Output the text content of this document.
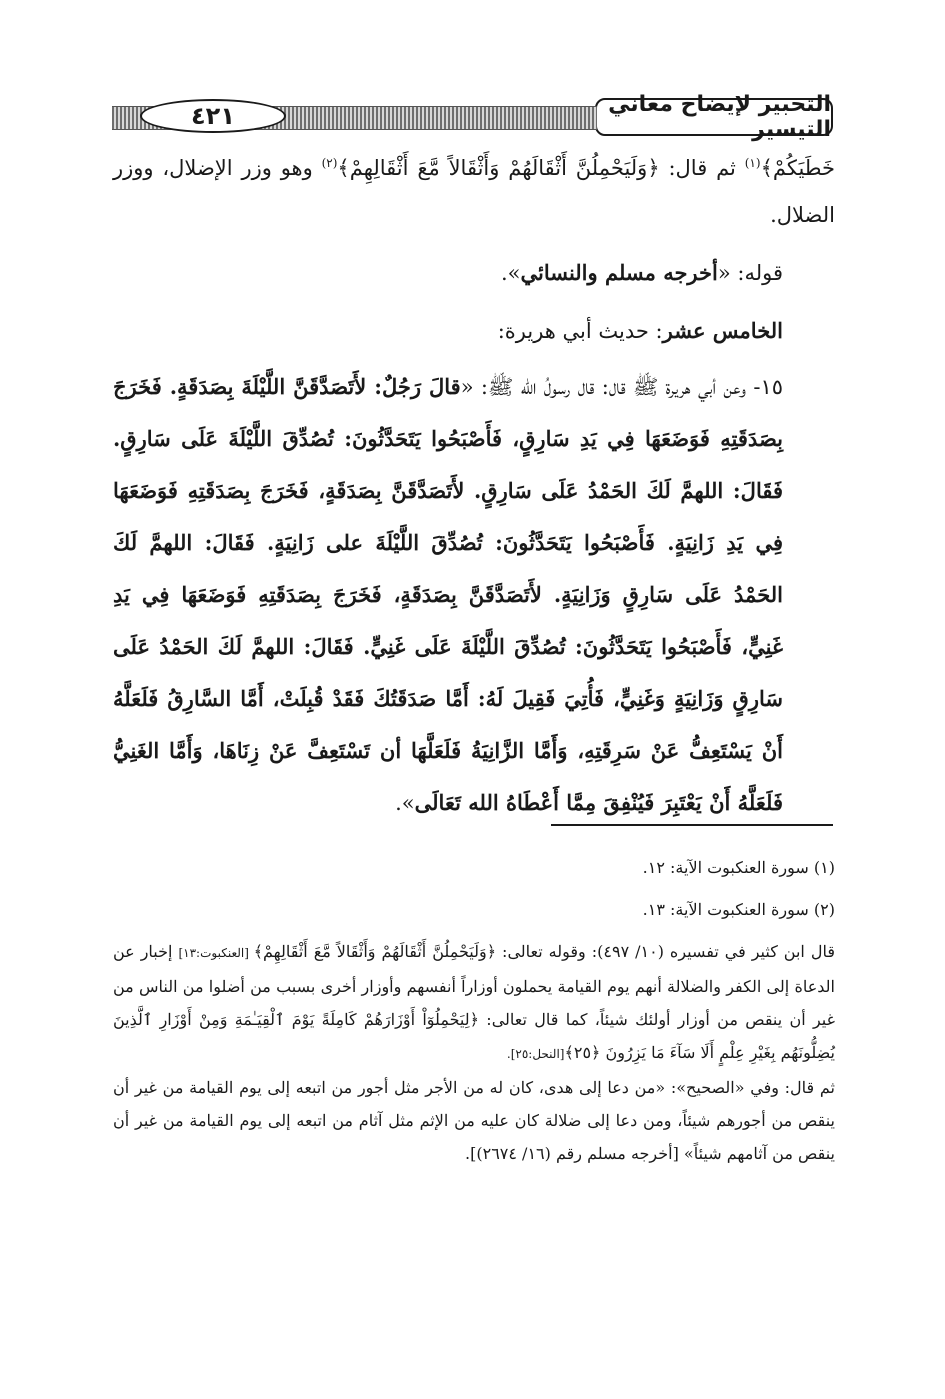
التحبير لإيضاح معاني التيسير
٤٢١

خَطَيَكُمْ﴾$^{(١)}$ ثم قال: ﴿وَلَيَحْمِلُنَّ أَثْقَالَهُمْ وَأَثْقَالاً مَّعَ أَثْقَالِهِمْ﴾$^{(٢)}$ وهو وزر الإضلال، ووزر الضلال.

قوله: «أخرجه مسلم والنسائي».

الخامس عشر: حديث أبي هريرة:

١٥- وعن أبي هريرة ﷺ قال: قال رسولُ الله ﷺ: «قالَ رَجُلٌ: لأَتَصَدَّقَنَّ اللَّيْلَةَ بِصَدَقَةٍ. فَخَرَجَ بِصَدَقَتِهِ فَوَضَعَهَا فِي يَدِ سَارِقٍ، فَأَصْبَحُوا يَتَحَدَّثُونَ: تُصُدِّقَ اللَّيْلَةَ عَلَى سَارِقٍ. فَقَالَ: اللهمَّ لَكَ الحَمْدُ عَلَى سَارِقٍ. لأَتَصَدَّقَنَّ بِصَدَقَةٍ، فَخَرَجَ بِصَدَقَتِهِ فَوَضَعَهَا فِي يَدِ زَانِيَةٍ. فَأَصْبَحُوا يَتَحَدَّثُونَ: تُصُدِّقَ اللَّيْلَةَ على زَانِيَةٍ. فَقَالَ: اللهمَّ لَكَ الحَمْدُ عَلَى سَارِقٍ وَزَانِيَةٍ. لأَتَصَدَّقَنَّ بِصَدَقَةٍ، فَخَرَجَ بِصَدَقَتِهِ فَوَضَعَهَا فِي يَدِ غَنِيٍّ، فَأَصْبَحُوا يَتَحَدَّثُونَ: تُصُدِّقَ اللَّيْلَةَ عَلَى غَنِيٍّ. فَقَالَ: اللهمَّ لَكَ الحَمْدُ عَلَى سَارِقٍ وَزَانِيَةٍ وَغَنِيٍّ، فَأُتِيَ فَقِيلَ لَهُ: أَمَّا صَدَقَتُكَ فَقَدْ قُبِلَتْ، أَمَّا السَّارِقُ فَلَعَلَّهُ أَنْ يَسْتَعِفُّ عَنْ سَرِقَتِهِ، وَأَمَّا الزَّانِيَةُ فَلَعَلَّهَا أن تَسْتَعِفَّ عَنْ زِنَاهَا، وَأَمَّا الغَنِيُّ فَلَعَلَّهُ أَنْ يَعْتَبِرَ فَيُنْفِقَ مِمَّا أَعْطَاهُ الله تَعَالَى».

(١) سورة العنكبوت الآية: ١٢.

(٢) سورة العنكبوت الآية: ١٣.

قال ابن كثير في تفسيره (١٠/ ٤٩٧): وقوله تعالى: ﴿وَلَيَحْمِلُنَّ أَثْقَالَهُمْ وَأَثْقَالاً مَّعَ أَثْقَالِهِمْ﴾ [العنكبوت:١٣] إخبار عن الدعاة إلى الكفر والضلالة أنهم يوم القيامة يحملون أوزاراً أنفسهم وأوزار أخرى بسبب من أضلوا من الناس من غير أن ينقص من أوزار أولئك شيئاً، كما قال تعالى: ﴿لِيَحْمِلُوٓاْ أَوْزَارَهُمْ كَامِلَةً يَوْمَ ٱلْقِيَـٰمَةِ وَمِنْ أَوْزَارِ ٱلَّذِينَ يُضِلُّونَهُم بِغَيْرِ عِلْمٍ أَلَا سَآءَ مَا يَزِرُونَ ﴿٢٥﴾[النحل:٢٥].

ثم قال: وفي «الصحيح»: «من دعا إلى هدى، كان له من الأجر مثل أجور من اتبعه إلى يوم القيامة من غير أن ينقص من أجورهم شيئاً، ومن دعا إلى ضلالة كان عليه من الإثم مثل آثام من اتبعه إلى يوم القيامة من غير أن ينقص من آثامهم شيئاً» [أخرجه مسلم رقم (١٦/ ٢٦٧٤)].
